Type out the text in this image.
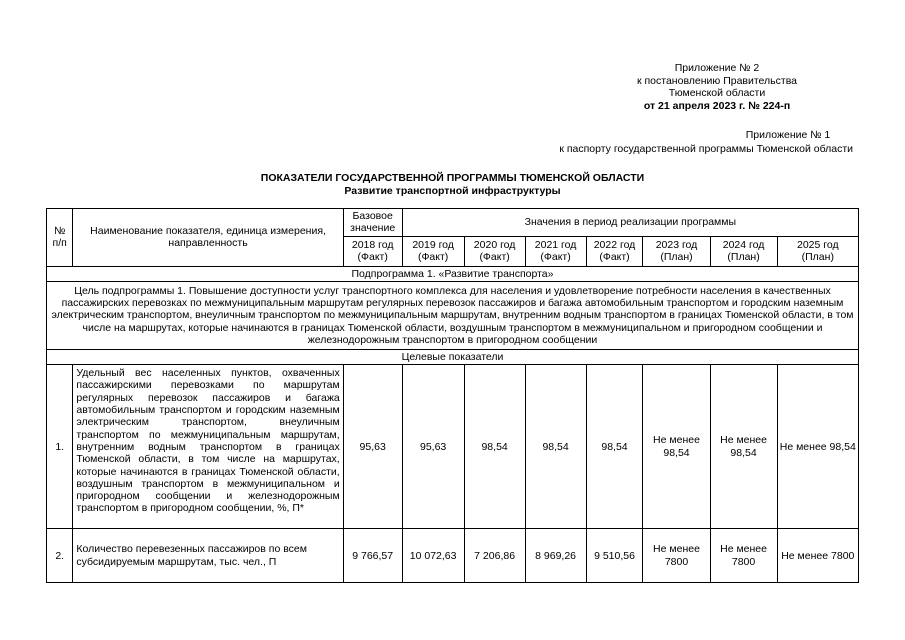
Приложение № 2
к постановлению Правительства
Тюменской области
от 21 апреля 2023 г. № 224-п
Приложение № 1
к паспорту государственной программы Тюменской области
ПОКАЗАТЕЛИ ГОСУДАРСТВЕННОЙ ПРОГРАММЫ ТЮМЕНСКОЙ ОБЛАСТИ
Развитие транспортной инфраструктуры
№ п/п	Наименование показателя, единица измерения, направленность	Базовое значение	Значения в период реализации программы						
		2018 год (Факт)	2019 год (Факт)	2020 год (Факт)	2021 год (Факт)	2022 год (Факт)	2023 год (План)	2024 год (План)	2025 год (План)
Подпрограмма 1. «Развитие транспорта»									
Цель подпрограммы 1. Повышение доступности услуг транспортного комплекса для населения и удовлетворение потребности населения в качественных пассажирских перевозках по межмуниципальным маршрутам регулярных перевозок пассажиров и багажа автомобильным транспортом и городским наземным электрическим транспортом, внеуличным транспортом по межмуниципальным маршрутам, внутренним водным транспортом в границах Тюменской области, в том числе на маршрутах, которые начинаются в границах Тюменской области, воздушным транспортом в межмуниципальном и пригородном сообщении и железнодорожным транспортом в пригородном сообщении									
Целевые показатели									
1.	Удельный вес населенных пунктов, охваченных пассажирскими перевозками по маршрутам регулярных перевозок пассажиров и багажа автомобильным транспортом и городским наземным электрическим транспортом, внеуличным транспортом по межмуниципальным маршрутам, внутренним водным транспортом в границах Тюменской области, в том числе на маршрутах, которые начинаются в границах Тюменской области, воздушным транспортом в межмуниципальном и пригородном сообщении и железнодорожным транспортом в пригородном сообщении, %, П*	95,63	95,63	98,54	98,54	98,54	Не менее 98,54	Не менее 98,54	Не менее 98,54
2.	Количество перевезенных пассажиров по всем субсидируемым маршрутам, тыс. чел., П	9 766,57	10 072,63	7 206,86	8 969,26	9 510,56	Не менее 7800	Не менее 7800	Не менее 7800
